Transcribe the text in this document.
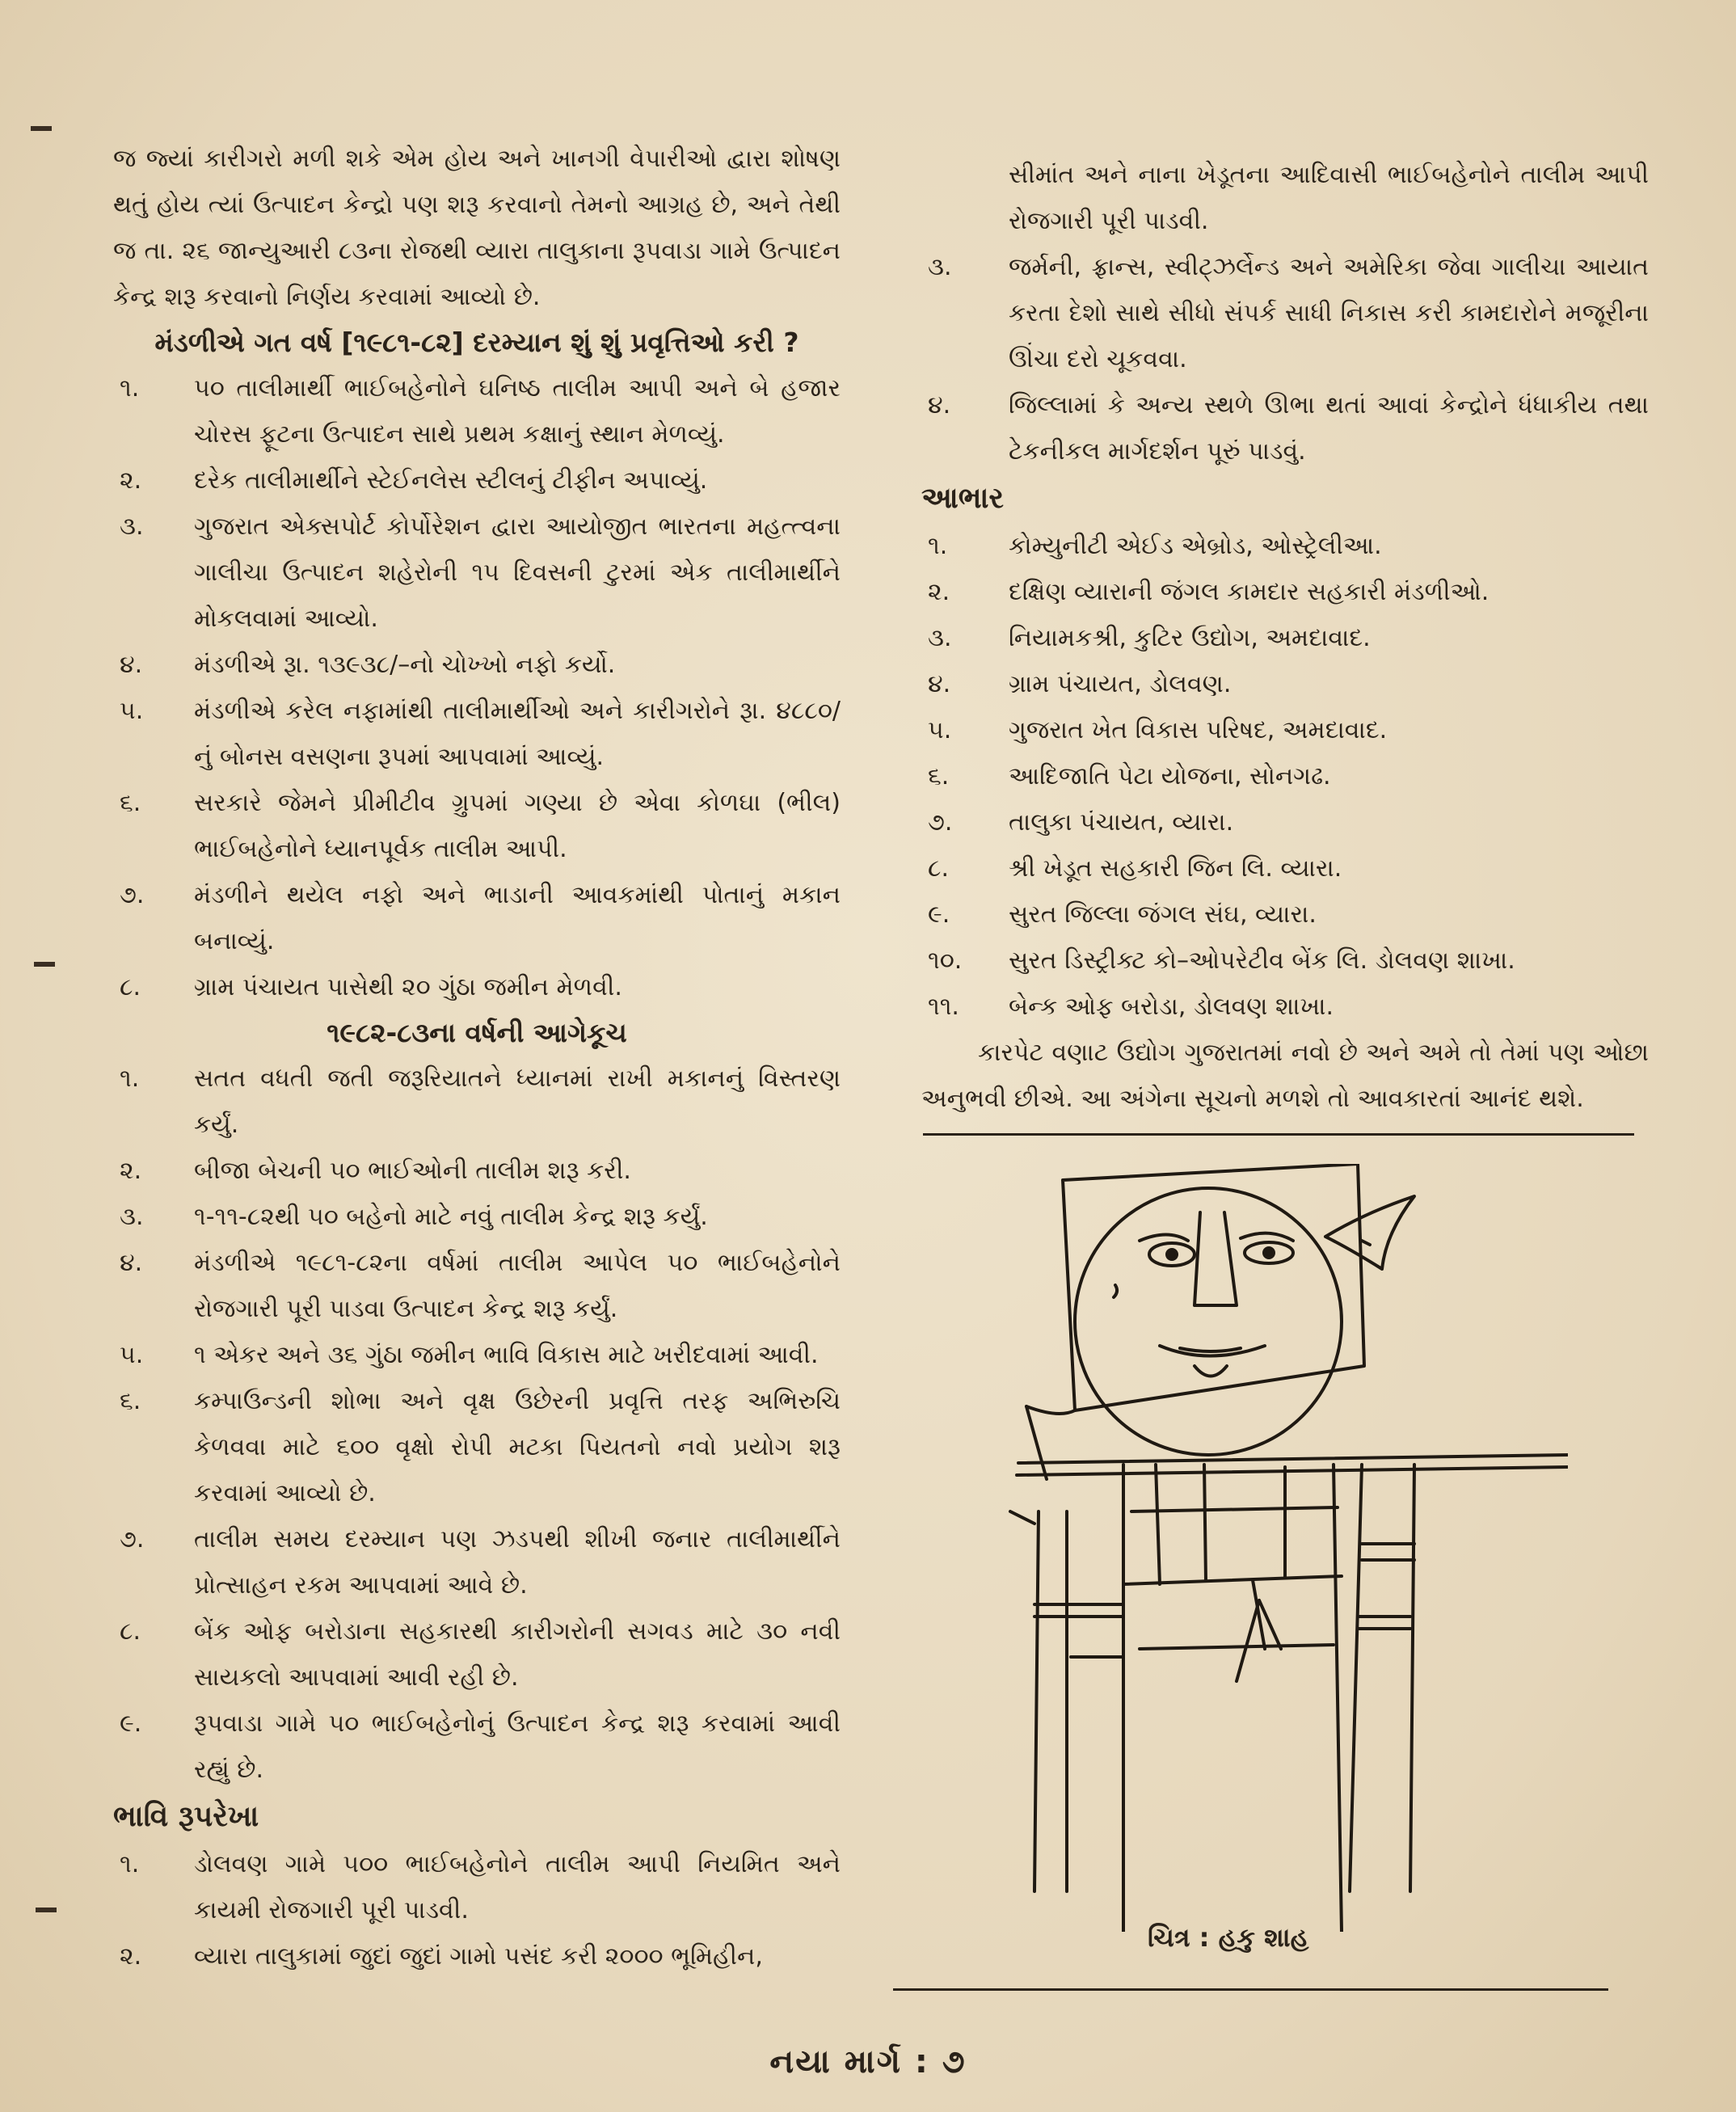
જ જ્યાં કારીગરો મળી શકે એમ હોય અને ખાનગી વેપારીઓ દ્વારા શોષણ થતું હોય ત્યાં ઉત્પાદન કેન્દ્રો પણ શરૂ કરવાનો તેમનો આગ્રહ છે, અને તેથી જ તા. ૨૬ જાન્યુઆરી ૮૩ના રોજથી વ્યારા તાલુકાના રૂપવાડા ગામે ઉત્પાદન કેન્દ્ર શરૂ કરવાનો નિર્ણય કરવામાં આવ્યો છે.

મંડળીએ ગત વર્ષ [૧૯૮૧-૮૨] દરમ્યાન શું શું પ્રવૃત્તિઓ કરી ?

૧.	૫૦ તાલીમાર્થી ભાઈબહેનોને ઘનિષ્ઠ તાલીમ આપી અને બે હજાર ચોરસ ફૂટના ઉત્પાદન સાથે પ્રથમ કક્ષાનું સ્થાન મેળવ્યું.
૨.	દરેક તાલીમાર્થીને સ્ટેઈનલેસ સ્ટીલનું ટીફીન અપાવ્યું.
૩.	ગુજરાત એક્સપોર્ટ કોર્પોરેશન દ્વારા આયોજીત ભારતના મહત્ત્વના ગાલીચા ઉત્પાદન શહેરોની ૧૫ દિવસની ટુરમાં એક તાલીમાર્થીને મોકલવામાં આવ્યો.
૪.	મંડળીએ રૂા. ૧૩૯૩૮/–નો ચોખ્ખો નફો કર્યો.
૫.	મંડળીએ કરેલ નફામાંથી તાલીમાર્થીઓ અને કારીગરોને રૂા. ૪૮૮૦/નું બોનસ વસણના રૂપમાં આપવામાં આવ્યું.
૬.	સરકારે જેમને પ્રીમીટીવ ગ્રુપમાં ગણ્યા છે એવા કોળઘા (ભીલ) ભાઈબહેનોને ધ્યાનપૂર્વક તાલીમ આપી.
૭.	મંડળીને થયેલ નફો અને ભાડાની આવકમાંથી પોતાનું મકાન બનાવ્યું.
૮.	ગ્રામ પંચાયત પાસેથી ૨૦ ગુંઠા જમીન મેળવી.

૧૯૮૨-૮૩ના વર્ષની આગેકૂચ

૧.	સતત વધતી જતી જરૂરિયાતને ધ્યાનમાં રાખી મકાનનું વિસ્તરણ કર્યું.
૨.	બીજા બેચની ૫૦ ભાઈઓની તાલીમ શરૂ કરી.
૩.	૧-૧૧-૮૨થી ૫૦ બહેનો માટે નવું તાલીમ કેન્દ્ર શરૂ કર્યું.
૪.	મંડળીએ ૧૯૮૧-૮૨ના વર્ષમાં તાલીમ આપેલ ૫૦ ભાઈબહેનોને રોજગારી પૂરી પાડવા ઉત્પાદન કેન્દ્ર શરૂ કર્યું.
૫.	૧ એકર અને ૩૬ ગુંઠા જમીન ભાવિ વિકાસ માટે ખરીદવામાં આવી.
૬.	કમ્પાઉન્ડની શોભા અને વૃક્ષ ઉછેરની પ્રવૃત્તિ તરફ અભિરુચિ કેળવવા માટે ૬૦૦ વૃક્ષો રોપી મટકા પિયતનો નવો પ્રયોગ શરૂ કરવામાં આવ્યો છે.
૭.	તાલીમ સમય દરમ્યાન પણ ઝડપથી શીખી જનાર તાલીમાર્થીને પ્રોત્સાહન રકમ આપવામાં આવે છે.
૮.	બેંક ઓફ બરોડાના સહકારથી કારીગરોની સગવડ માટે ૩૦ નવી સાયકલો આપવામાં આવી રહી છે.
૯.	રૂપવાડા ગામે ૫૦ ભાઈબહેનોનું ઉત્પાદન કેન્દ્ર શરૂ કરવામાં આવી રહ્યું છે.

ભાવિ રૂપરેખા

૧.	ડોલવણ ગામે ૫૦૦ ભાઈબહેનોને તાલીમ આપી નિયમિત અને કાયમી રોજગારી પૂરી પાડવી.
૨.	વ્યારા તાલુકામાં જુદાં જુદાં ગામો પસંદ કરી ૨૦૦૦ ભૂમિહીન,
સીમાંત અને નાના ખેડૂતના આદિવાસી ભાઈબહેનોને તાલીમ આપી રોજગારી પૂરી પાડવી.
૩.	જર્મની, ફ્રાન્સ, સ્વીટ્ઝર્લેન્ડ અને અમેરિકા જેવા ગાલીચા આયાત કરતા દેશો સાથે સીધો સંપર્ક સાધી નિકાસ કરી કામદારોને મજૂરીના ઊંચા દરો ચૂકવવા.
૪.	જિલ્લામાં કે અન્ય સ્થળે ઊભા થતાં આવાં કેન્દ્રોને ધંધાકીય તથા ટેકનીકલ માર્ગદર્શન પૂરું પાડવું.

આભાર

૧.	કોમ્યુનીટી એઈડ એબ્રોડ, ઓસ્ટ્રેલીઆ.
૨.	દક્ષિણ વ્યારાની જંગલ કામદાર સહકારી મંડળીઓ.
૩.	નિયામકશ્રી, કુટિર ઉદ્યોગ, અમદાવાદ.
૪.	ગ્રામ પંચાયત, ડોલવણ.
૫.	ગુજરાત ખેત વિકાસ પરિષદ, અમદાવાદ.
૬.	આદિજાતિ પેટા યોજના, સોનગઢ.
૭.	તાલુકા પંચાયત, વ્યારા.
૮.	શ્રી ખેડૂત સહકારી જિન લિ. વ્યારા.
૯.	સુરત જિલ્લા જંગલ સંઘ, વ્યારા.
૧૦.	સુરત ડિસ્ટ્રીક્ટ કો–ઓપરેટીવ બેંક લિ. ડોલવણ શાખા.
૧૧.	બેન્ક ઓફ બરોડા, ડોલવણ શાખા.

કારપેટ વણાટ ઉદ્યોગ ગુજરાતમાં નવો છે અને અમે તો તેમાં પણ ઓછા અનુભવી છીએ. આ અંગેના સૂચનો મળશે તો આવકારતાં આનંદ થશે.

ચિત્ર : હકુ શાહ
નયા માર્ગ : ૭
